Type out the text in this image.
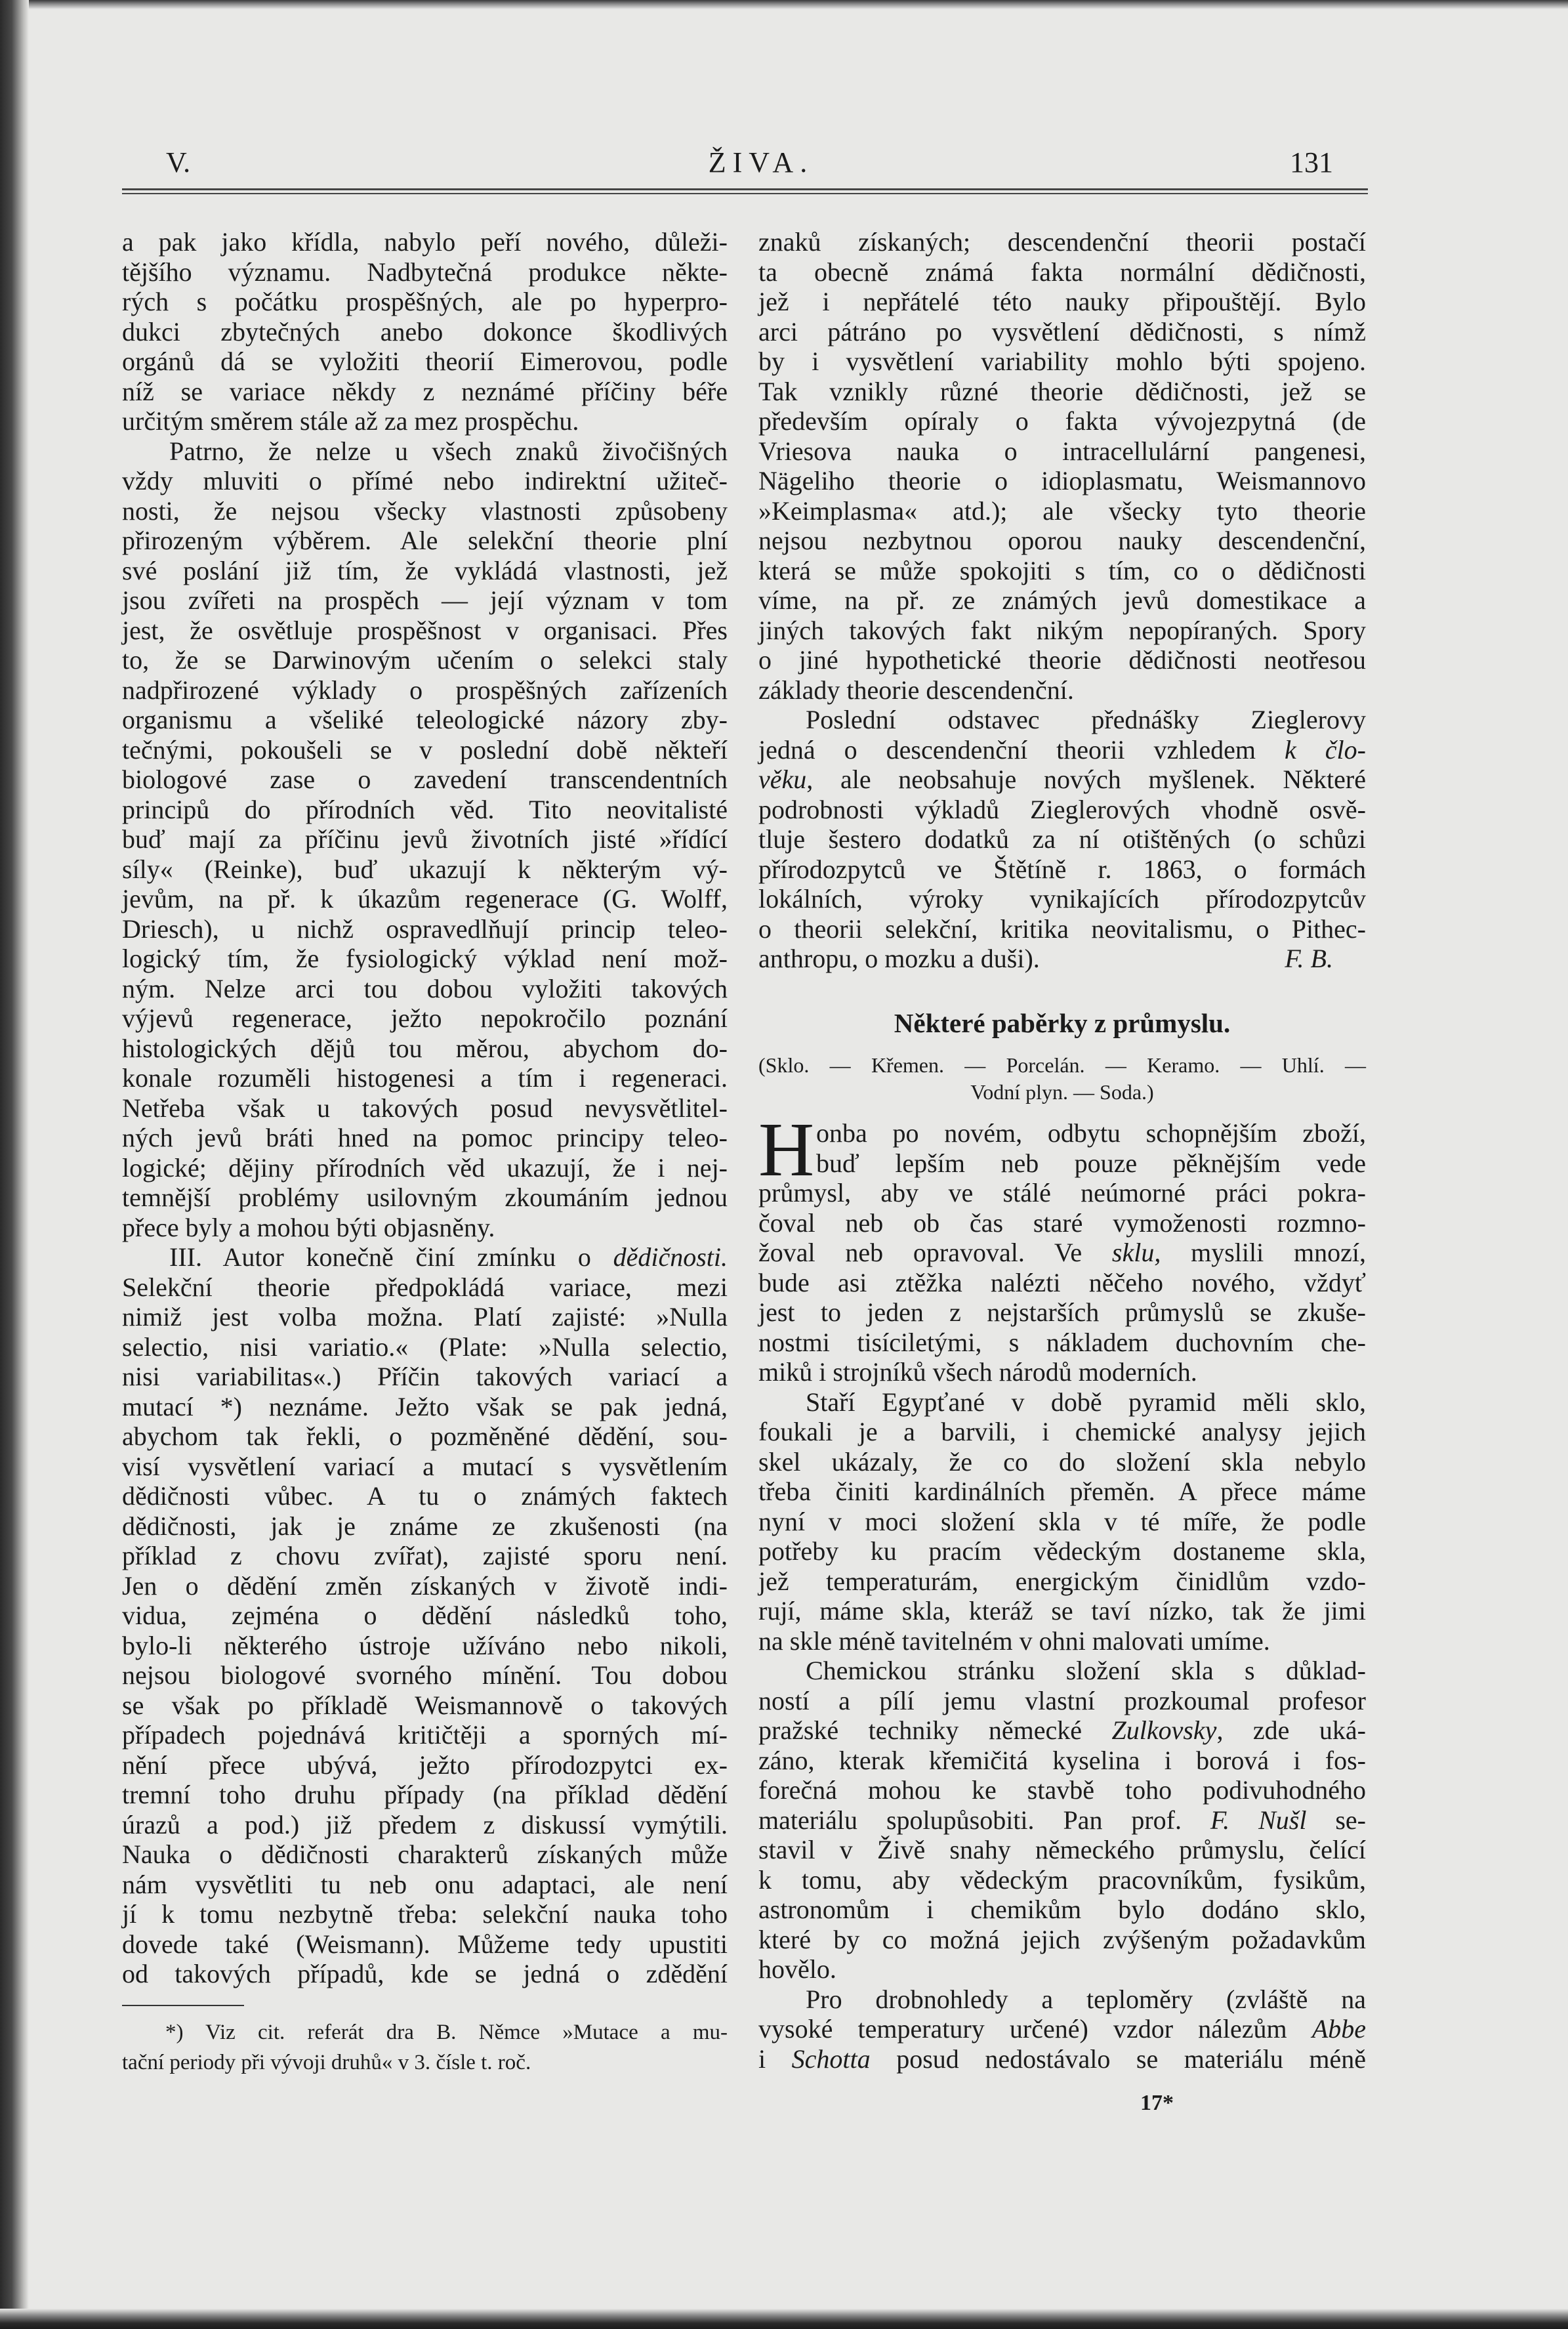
V.	ŽIVA.	131
a pak jako křídla, nabylo peří nového, důleži-
tějšího významu. Nadbytečná produkce někte-
rých s počátku prospěšných, ale po hyperpro-
dukci zbytečných anebo dokonce škodlivých
orgánů dá se vyložiti theorií Eimerovou, podle
níž se variace někdy z neznámé příčiny béře
určitým směrem stále až za mez prospěchu.
Patrno, že nelze u všech znaků živočišných
vždy mluviti o přímé nebo indirektní užiteč-
nosti, že nejsou všecky vlastnosti způsobeny
přirozeným výběrem. Ale selekční theorie plní
své poslání již tím, že vykládá vlastnosti, jež
jsou zvířeti na prospěch — její význam v tom
jest, že osvětluje prospěšnost v organisaci. Přes
to, že se Darwinovým učením o selekci staly
nadpřirozené výklady o prospěšných zařízeních
organismu a všeliké teleologické názory zby-
tečnými, pokoušeli se v poslední době někteří
biologové zase o zavedení transcendentních
principů do přírodních věd. Tito neovitalisté
buď mají za příčinu jevů životních jisté »řídící
síly« (Reinke), buď ukazují k některým vý-
jevům, na př. k úkazům regenerace (G. Wolff,
Driesch), u nichž ospravedlňují princip teleo-
logický tím, že fysiologický výklad není mož-
ným. Nelze arci tou dobou vyložiti takových
výjevů regenerace, ježto nepokročilo poznání
histologických dějů tou měrou, abychom do-
konale rozuměli histogenesi a tím i regeneraci.
Netřeba však u takových posud nevysvětlitel-
ných jevů bráti hned na pomoc principy teleo-
logické; dějiny přírodních věd ukazují, že i nej-
temnější problémy usilovným zkoumáním jednou
přece byly a mohou býti objasněny.
III. Autor konečně činí zmínku o dědičnosti.
Selekční theorie předpokládá variace, mezi
nimiž jest volba možna. Platí zajisté: »Nulla
selectio, nisi variatio.« (Plate: »Nulla selectio,
nisi variabilitas«.) Příčin takových variací a
mutací *) neznáme. Ježto však se pak jedná,
abychom tak řekli, o pozměněné dědění, sou-
visí vysvětlení variací a mutací s vysvětlením
dědičnosti vůbec. A tu o známých faktech
dědičnosti, jak je známe ze zkušenosti (na
příklad z chovu zvířat), zajisté sporu není.
Jen o dědění změn získaných v životě indi-
vidua, zejména o dědění následků toho,
bylo-li některého ústroje užíváno nebo nikoli,
nejsou biologové svorného mínění. Tou dobou
se však po příkladě Weismannově o takových
případech pojednává kritičtěji a sporných mí-
nění přece ubývá, ježto přírodozpytci ex-
tremní toho druhu případy (na příklad dědění
úrazů a pod.) již předem z diskussí vymýtili.
Nauka o dědičnosti charakterů získaných může
nám vysvětliti tu neb onu adaptaci, ale není
jí k tomu nezbytně třeba: selekční nauka toho
dovede také (Weismann). Můžeme tedy upustiti
od takových případů, kde se jedná o zdědění
*) Viz cit. referát dra B. Němce »Mutace a mu-
tační periody při vývoji druhů« v 3. čísle t. roč.
znaků získaných; descendenční theorii postačí
ta obecně známá fakta normální dědičnosti,
jež i nepřátelé této nauky připouštějí. Bylo
arci pátráno po vysvětlení dědičnosti, s nímž
by i vysvětlení variability mohlo býti spojeno.
Tak vznikly různé theorie dědičnosti, jež se
především opíraly o fakta vývojezpytná (de
Vriesova nauka o intracellulární pangenesi,
Nägeliho theorie o idioplasmatu, Weismannovo
»Keimplasma« atd.); ale všecky tyto theorie
nejsou nezbytnou oporou nauky descendenční,
která se může spokojiti s tím, co o dědičnosti
víme, na př. ze známých jevů domestikace a
jiných takových fakt nikým nepopíraných. Spory
o jiné hypothetické theorie dědičnosti neotřesou
základy theorie descendenční.
Poslední odstavec přednášky Zieglerovy
jedná o descendenční theorii vzhledem k člo-
věku, ale neobsahuje nových myšlenek. Některé
podrobnosti výkladů Zieglerových vhodně osvě-
tluje šestero dodatků za ní otištěných (o schůzi
přírodozpytců ve Štětíně r. 1863, o formách
lokálních, výroky vynikajících přírodozpytcův
o theorii selekční, kritika neovitalismu, o Pithec-
anthropu, o mozku a duši).	F. B.
Některé paběrky z průmyslu.
(Sklo. — Křemen. — Porcelán. — Keramo. — Uhlí. —
Vodní plyn. — Soda.)
H onba po novém, odbytu schopnějším zboží,
buď lepším neb pouze pěknějším vede
průmysl, aby ve stálé neúmorné práci pokra-
čoval neb ob čas staré vymoženosti rozmno-
žoval neb opravoval. Ve sklu, myslili mnozí,
bude asi ztěžka nalézti něčeho nového, vždyť
jest to jeden z nejstarších průmyslů se zkuše-
nostmi tisíciletými, s nákladem duchovním che-
miků i strojníků všech národů moderních.
Staří Egypťané v době pyramid měli sklo,
foukali je a barvili, i chemické analysy jejich
skel ukázaly, že co do složení skla nebylo
třeba činiti kardinálních přeměn. A přece máme
nyní v moci složení skla v té míře, že podle
potřeby ku pracím vědeckým dostaneme skla,
jež temperaturám, energickým činidlům vzdo-
rují, máme skla, kteráž se taví nízko, tak že jimi
na skle méně tavitelném v ohni malovati umíme.
Chemickou stránku složení skla s důklad-
ností a pílí jemu vlastní prozkoumal profesor
pražské techniky německé Zulkovsky, zde uká-
záno, kterak křemičitá kyselina i borová i fos-
forečná mohou ke stavbě toho podivuhodného
materiálu spolupůsobiti. Pan prof. F. Nušl se-
stavil v Živě snahy německého průmyslu, čelící
k tomu, aby vědeckým pracovníkům, fysikům,
astronomům i chemikům bylo dodáno sklo,
které by co možná jejich zvýšeným požadavkům
hovělo.
Pro drobnohledy a teploměry (zvláště na
vysoké temperatury určené) vzdor nálezům Abbe
i Schotta posud nedostávalo se materiálu méně
17*
